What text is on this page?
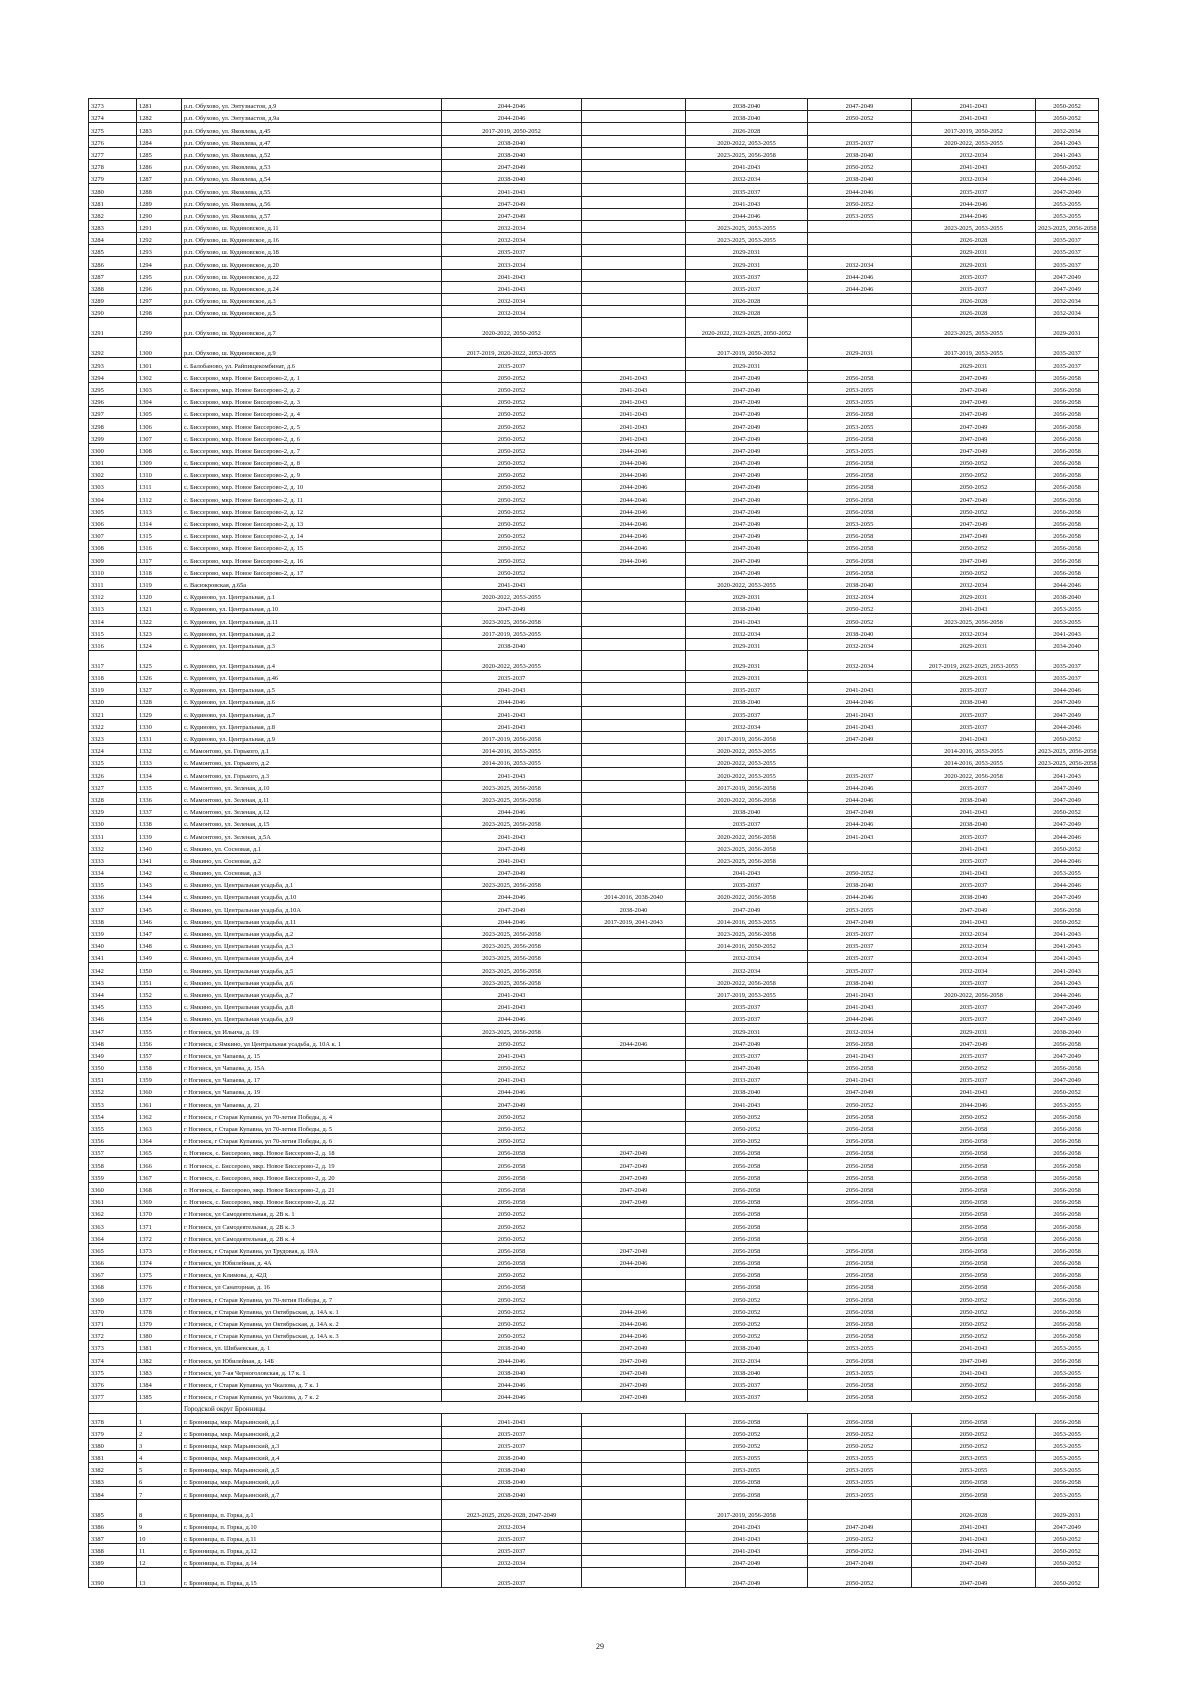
3273	1281	р.п. Обухово, ул. Энтузиастов, д.9	2044-2046		2038-2040	2047-2049	2041-2043	2050-2052
3274	1282	р.п. Обухово, ул. Энтузиастов, д.9а	2044-2046		2038-2040	2050-2052	2041-2043	2050-2052
3275	1283	р.п. Обухово, ул. Яковлева, д.45	2017-2019, 2050-2052		2026-2028		2017-2019, 2050-2052	2032-2034
3276	1284	р.п. Обухово, ул. Яковлева, д.47	2038-2040		2020-2022, 2053-2055	2035-2037	2020-2022, 2053-2055	2041-2043
3277	1285	р.п. Обухово, ул. Яковлева, д.52	2038-2040		2023-2025, 2056-2058	2038-2040	2032-2034	2041-2043
3278	1286	р.п. Обухово, ул. Яковлева, д.53	2047-2049		2041-2043	2050-2052	2041-2043	2050-2052
3279	1287	р.п. Обухово, ул. Яковлева, д.54	2038-2040		2032-2034	2038-2040	2032-2034	2044-2046
3280	1288	р.п. Обухово, ул. Яковлева, д.55	2041-2043		2035-2037	2044-2046	2035-2037	2047-2049
3281	1289	р.п. Обухово, ул. Яковлева, д.56	2047-2049		2041-2043	2050-2052	2044-2046	2053-2055
3282	1290	р.п. Обухово, ул. Яковлева, д.57	2047-2049		2044-2046	2053-2055	2044-2046	2053-2055
3283	1291	р.п. Обухово, ш. Кудиновское, д.11	2032-2034		2023-2025, 2053-2055		2023-2025, 2053-2055	2023-2025, 2056-2058
3284	1292	р.п. Обухово, ш. Кудиновское, д.16	2032-2034		2023-2025, 2053-2055		2026-2028	2035-2037
3285	1293	р.п. Обухово, ш. Кудиновское, д.18	2035-2037		2029-2031		2029-2031	2035-2037
3286	1294	р.п. Обухово, ш. Кудиновское, д.20	2033-2034		2029-2031	2032-2034	2029-2031	2035-2037
3287	1295	р.п. Обухово, ш. Кудиновское, д.22	2041-2043		2035-2037	2044-2046	2035-2037	2047-2049
3288	1296	р.п. Обухово, ш. Кудиновское, д.24	2041-2043		2035-2037	2044-2046	2035-2037	2047-2049
3289	1297	р.п. Обухово, ш. Кудиновское, д.3	2032-2034		2026-2028		2026-2028	2032-2034
3290	1298	р.п. Обухово, ш. Кудиновское, д.5	2032-2034		2029-2028		2026-2028	2032-2034
3291	1299	р.п. Обухово, ш. Кудиновское, д.7	2020-2022, 2050-2052		2020-2022, 2023-2025, 2050-2052		2023-2025, 2053-2055	2029-2031
3292	1300	р.п. Обухово, ш. Кудиновское, д.9	2017-2019, 2020-2022, 2053-2055		2017-2019, 2050-2052	2029-2031	2017-2019, 2053-2055	2035-2037
3293	1301	с. Балобаново, ул. Райпищекомбинат, д.6	2035-2037		2029-2031		2029-2031	2035-2037
3294	1302	с. Биссерово, мкр. Новое Биссерово-2, д. 1	2050-2052	2041-2043	2047-2049	2056-2058	2047-2049	2056-2058
3295	1303	с. Биссерово, мкр. Новое Биссерово-2, д. 2	2050-2052	2041-2043	2047-2049	2053-2055	2047-2049	2056-2058
3296	1304	с. Биссерово, мкр. Новое Биссерово-2, д. 3	2050-2052	2041-2043	2047-2049	2053-2055	2047-2049	2056-2058
3297	1305	с. Биссерово, мкр. Новое Биссерово-2, д. 4	2050-2052	2041-2043	2047-2049	2056-2058	2047-2049	2056-2058
3298	1306	с. Биссерово, мкр. Новое Биссерово-2, д. 5	2050-2052	2041-2043	2047-2049	2053-2055	2047-2049	2056-2058
3299	1307	с. Биссерово, мкр. Новое Биссерово-2, д. 6	2050-2052	2041-2043	2047-2049	2056-2058	2047-2049	2056-2058
3300	1308	с. Биссерово, мкр. Новое Биссерово-2, д. 7	2050-2052	2044-2046	2047-2049	2053-2055	2047-2049	2056-2058
3301	1309	с. Биссерово, мкр. Новое Биссерово-2, д. 8	2050-2052	2044-2046	2047-2049	2056-2058	2050-2052	2056-2058
3302	1310	с. Биссерово, мкр. Новое Биссерово-2, д. 9	2050-2052	2044-2046	2047-2049	2056-2058	2050-2052	2056-2058
3303	1311	с. Биссерово, мкр. Новое Биссерово-2, д. 10	2050-2052	2044-2046	2047-2049	2056-2058	2050-2052	2056-2058
3304	1312	с. Биссерово, мкр. Новое Биссерово-2, д. 11	2050-2052	2044-2046	2047-2049	2056-2058	2047-2049	2056-2058
3305	1313	с. Биссерово, мкр. Новое Биссерово-2, д. 12	2050-2052	2044-2046	2047-2049	2056-2058	2050-2052	2056-2058
3306	1314	с. Биссерово, мкр. Новое Биссерово-2, д. 13	2050-2052	2044-2046	2047-2049	2053-2055	2047-2049	2056-2058
3307	1315	с. Биссерово, мкр. Новое Биссерово-2, д. 14	2050-2052	2044-2046	2047-2049	2056-2058	2047-2049	2056-2058
3308	1316	с. Биссерово, мкр. Новое Биссерово-2, д. 15	2050-2052	2044-2046	2047-2049	2056-2058	2050-2052	2056-2058
3309	1317	с. Биссерово, мкр. Новое Биссерово-2, д. 16	2050-2052	2044-2046	2047-2049	2056-2058	2047-2049	2056-2058
3310	1318	с. Биссерово, мкр. Новое Биссерово-2, д. 17	2050-2052		2047-2049	2056-2058	2050-2052	2056-2058
3311	1319	с. Васюкровская, д.65а	2041-2043		2020-2022, 2053-2055	2038-2040	2032-2034	2044-2046
3312	1320	с. Кудиново, ул. Центральная, д.1	2020-2022, 2053-2055		2029-2031	2032-2034	2029-2031	2038-2040
3313	1321	с. Кудиново, ул. Центральная, д.10	2047-2049		2038-2040	2050-2052	2041-2043	2053-2055
3314	1322	с. Кудиново, ул. Центральная, д.11	2023-2025, 2056-2058		2041-2043	2050-2052	2023-2025, 2056-2058	2053-2055
3315	1323	с. Кудиново, ул. Центральная, д.2	2017-2019, 2053-2055		2032-2034	2038-2040	2032-2034	2041-2043
3316	1324	с. Кудиново, ул. Центральная, д.3	2038-2040		2029-2031	2032-2034	2029-2031	2034-2040
3317	1325	с. Кудиново, ул. Центральная, д.4	2020-2022, 2053-2055		2029-2031	2032-2034	2017-2019, 2023-2025, 2053-2055	2035-2037
3318	1326	с. Кудиново, ул. Центральная, д.46	2035-2037		2029-2031		2029-2031	2035-2037
3319	1327	с. Кудиново, ул. Центральная, д.5	2041-2043		2035-2037	2041-2043	2035-2037	2044-2046
3320	1328	с. Кудиново, ул. Центральная, д.6	2044-2046		2038-2040	2044-2046	2038-2040	2047-2049
3321	1329	с. Кудиново, ул. Центральная, д.7	2041-2043		2035-2037	2041-2043	2035-2037	2047-2049
3322	1330	с. Кудиново, ул. Центральная, д.8	2041-2043		2032-2034	2041-2043	2035-2037	2044-2046
3323	1331	с. Кудиново, ул. Центральная, д.9	2017-2019, 2056-2058		2017-2019, 2056-2058	2047-2049	2041-2043	2050-2052
3324	1332	с. Мамонтово, ул. Горького, д.1	2014-2016, 2053-2055		2020-2022, 2053-2055		2014-2016, 2053-2055	2023-2025, 2056-2058
3325	1333	с. Мамонтово, ул. Горького, д.2	2014-2016, 2053-2055		2020-2022, 2053-2055		2014-2016, 2053-2055	2023-2025, 2056-2058
3326	1334	с. Мамонтово, ул. Горького, д.3	2041-2043		2020-2022, 2053-2055	2035-2037	2020-2022, 2056-2058	2041-2043
3327	1335	с. Мамонтово, ул. Зеленая, д.10	2023-2025, 2056-2058		2017-2019, 2056-2058	2044-2046	2035-2037	2047-2049
3328	1336	с. Мамонтово, ул. Зеленая, д.11	2023-2025, 2056-2058		2020-2022, 2056-2058	2044-2046	2038-2040	2047-2049
3329	1337	с. Мамонтово, ул. Зеленая, д.12	2044-2046		2038-2040	2047-2049	2041-2043	2050-2052
3330	1338	с. Мамонтово, ул. Зеленая, д.15	2023-2025, 2056-2058		2035-2037	2044-2046	2038-2040	2047-2049
3331	1339	с. Мамонтово, ул. Зеленая, д.5А	2041-2043		2020-2022, 2056-2058	2041-2043	2035-2037	2044-2046
3332	1340	с. Ямкино, ул. Сосновая, д.1	2047-2049		2023-2025, 2056-2058		2041-2043	2050-2052
3333	1341	с. Ямкино, ул. Сосновая, д.2	2041-2043		2023-2025, 2056-2058		2035-2037	2044-2046
3334	1342	с. Ямкино, ул. Сосновая, д.3	2047-2049		2041-2043	2050-2052	2041-2043	2053-2055
3335	1343	с. Ямкино, ул. Центральная усадьба, д.1	2023-2025, 2056-2058		2035-2037	2038-2040	2035-2037	2044-2046
3336	1344	с. Ямкино, ул. Центральная усадьба, д.10	2044-2046	2014-2016, 2038-2040	2020-2022, 2056-2058	2044-2046	2038-2040	2047-2049
3337	1345	с. Ямкино, ул. Центральная усадьба, д.10А	2047-2049	2038-2040	2047-2049	2053-2055	2047-2049	2056-2058
3338	1346	с. Ямкино, ул. Центральная усадьба, д.11	2044-2046	2017-2019, 2041-2043	2014-2016, 2053-2055	2047-2049	2041-2043	2050-2052
3339	1347	с. Ямкино, ул. Центральная усадьба, д.2	2023-2025, 2056-2058		2023-2025, 2056-2058	2035-2037	2032-2034	2041-2043
3340	1348	с. Ямкино, ул. Центральная усадьба, д.3	2023-2025, 2056-2058		2014-2016, 2050-2052	2035-2037	2032-2034	2041-2043
3341	1349	с. Ямкино, ул. Центральная усадьба, д.4	2023-2025, 2056-2058		2032-2034	2035-2037	2032-2034	2041-2043
3342	1350	с. Ямкино, ул. Центральная усадьба, д.5	2023-2025, 2056-2058		2032-2034	2035-2037	2032-2034	2041-2043
3343	1351	с. Ямкино, ул. Центральная усадьба, д.6	2023-2025, 2056-2058		2020-2022, 2056-2058	2038-2040	2035-2037	2041-2043
3344	1352	с. Ямкино, ул. Центральная усадьба, д.7	2041-2043		2017-2019, 2053-2055	2041-2043	2020-2022, 2056-2058	2044-2046
3345	1353	с. Ямкино, ул. Центральная усадьба, д.8	2041-2043		2035-2037	2041-2043	2035-2037	2047-2049
3346	1354	с. Ямкино, ул. Центральная усадьба, д.9	2044-2046		2035-2037	2044-2046	2035-2037	2047-2049
3347	1355	г Ногинск, ул Ильича, д. 19	2023-2025, 2056-2058		2029-2031	2032-2034	2029-2031	2038-2040
3348	1356	г Ногинск, с Ямкино, ул Центральная усадьба, д. 10А к. 1	2050-2052	2044-2046	2047-2049	2056-2058	2047-2049	2056-2058
3349	1357	г Ногинск, ул Чапаева, д. 15	2041-2043		2035-2037	2041-2043	2035-2037	2047-2049
3350	1358	г Ногинск, ул Чапаева, д. 15А	2050-2052		2047-2049	2056-2058	2050-2052	2056-2058
3351	1359	г Ногинск, ул Чапаева, д. 17	2041-2043		2033-2037	2041-2043	2035-2037	2047-2049
3352	1360	г Ногинск, ул Чапаева, д. 19	2044-2046		2038-2040	2047-2049	2041-2043	2050-2052
3353	1361	г Ногинск, ул Чапаева, д. 21	2047-2049		2041-2043	2050-2052	2044-2046	2053-2055
3354	1362	г Ногинск, г Старая Купавна, ул 70-летия Победы, д. 4	2050-2052		2050-2052	2056-2058	2050-2052	2056-2058
3355	1363	г Ногинск, г Старая Купавна, ул 70-летия Победы, д. 5	2050-2052		2050-2052	2056-2058	2056-2058	2056-2058
3356	1364	г Ногинск, г Старая Купавна, ул 70-летия Победы, д. 6	2050-2052		2050-2052	2056-2058	2056-2058	2056-2058
3357	1365	г. Ногинск, с. Биссерово, мкр. Новое Биссерово-2, д. 18	2056-2058	2047-2049	2056-2058	2056-2058	2056-2058	2056-2058
3358	1366	г. Ногинск, с. Биссерово, мкр. Новое Биссерово-2, д. 19	2056-2058	2047-2049	2056-2058	2056-2058	2056-2058	2056-2058
3359	1367	г. Ногинск, с. Биссерово, мкр. Новое Биссерово-2, д. 20	2056-2058	2047-2049	2056-2058	2056-2058	2056-2058	2056-2058
3360	1368	г. Ногинск, с. Биссерово, мкр. Новое Биссерово-2, д. 21	2056-2058	2047-2049	2056-2058	2056-2058	2056-2058	2056-2058
3361	1369	г. Ногинск, с. Биссерово, мкр. Новое Биссерово-2, д. 22	2056-2058	2047-2049	2056-2058	2056-2058	2056-2058	2056-2058
3362	1370	г Ногинск, ул Самодеятельная, д. 2В к. 1	2050-2052		2056-2058		2056-2058	2056-2058
3363	1371	г Ногинск, ул Самодеятельная, д. 2В к. 3	2050-2052		2056-2058		2056-2058	2056-2058
3364	1372	г Ногинск, ул Самодеятельная, д. 2В к. 4	2050-2052		2056-2058		2056-2058	2056-2058
3365	1373	г Ногинск, г Старая Купавна, ул Трудовая, д. 19А	2056-2058	2047-2049	2056-2058	2056-2058	2056-2058	2056-2058
3366	1374	г Ногинск, ул Юбилейная, д. 4А	2056-2058	2044-2046	2056-2058	2056-2058	2056-2058	2056-2058
3367	1375	г Ногинск, ул Климова, д. 42Д	2050-2052		2056-2058	2056-2058	2056-2058	2056-2058
3368	1376	г Ногинск, ул Санаторная, д. 16	2056-2058		2056-2058	2056-2058	2056-2058	2056-2058
3369	1377	г Ногинск, г Старая Купавна, ул 70-летия Победы, д. 7	2050-2052		2050-2052	2056-2058	2050-2052	2056-2058
3370	1378	г Ногинск, г Старая Купавна, ул Октябрьская, д. 14А к. 1	2050-2052	2044-2046	2050-2052	2056-2058	2050-2052	2056-2058
3371	1379	г Ногинск, г Старая Купавна, ул Октябрьская, д. 14А к. 2	2050-2052	2044-2046	2050-2052	2056-2058	2050-2052	2056-2058
3372	1380	г Ногинск, г Старая Купавна, ул Октябрьская, д. 14А к. 3	2050-2052	2044-2046	2050-2052	2056-2058	2050-2052	2056-2058
3373	1381	г Ногинск, ул. Шибаевская, д. 1	2038-2040	2047-2049	2038-2040	2053-2055	2041-2043	2053-2055
3374	1382	г Ногинск, ул Юбилейная, д. 14Б	2044-2046	2047-2049	2032-2034	2056-2058	2047-2049	2056-2058
3375	1383	г Ногинск, ул 7-ая Черноголовская, д. 17 к. 1	2038-2040	2047-2049	2038-2040	2053-2055	2041-2043	2053-2055
3376	1384	г Ногинск, г Старая Купавна, ул Чкалова, д. 7 к. 1	2044-2046	2047-2049	2035-2037	2056-2058	2050-2052	2056-2058
3377	1385	г Ногинск, г Старая Купавна, ул Чкалова, д. 7 к. 2	2044-2046	2047-2049	2035-2037	2056-2058	2050-2052	2056-2058
		Городской округ Бронницы						
3378	1	г. Бронницы, мкр. Марьинский, д.1	2041-2043		2056-2058	2056-2058	2056-2058	2056-2058
3379	2	г. Бронницы, мкр. Марьинский, д.2	2035-2037		2050-2052	2050-2052	2050-2052	2053-2055
3380	3	г. Бронницы, мкр. Марьинский, д.3	2035-2037		2050-2052	2050-2052	2050-2052	2053-2055
3381	4	г. Бронницы, мкр. Марьинский, д.4	2038-2040		2053-2055	2053-2055	2053-2055	2053-2055
3382	5	г. Бронницы, мкр. Марьинский, д.5	2038-2040		2053-2055	2053-2055	2053-2055	2053-2055
3383	6	г. Бронницы, мкр. Марьинский, д.6	2038-2040		2056-2058	2053-2055	2056-2058	2056-2058
3384	7	г. Бронницы, мкр. Марьинский, д.7	2038-2040		2056-2058	2053-2055	2056-2058	2053-2055
3385	8	г. Бронницы, п. Горка, д.1	2023-2025, 2026-2028, 2047-2049		2017-2019, 2056-2058		2026-2028	2029-2031
3386	9	г. Бронницы, п. Горка, д.10	2032-2034		2041-2043	2047-2049	2041-2043	2047-2049
3387	10	г. Бронницы, п. Горка, д.11	2035-2037		2041-2043	2050-2052	2041-2043	2050-2052
3388	11	г. Бронницы, п. Горка, д.12	2035-2037		2041-2043	2050-2052	2041-2043	2050-2052
3389	12	г. Бронницы, п. Горка, д.14	2032-2034		2047-2049	2047-2049	2047-2049	2050-2052
3390	13	г. Бронницы, п. Горка, д.15	2035-2037		2047-2049	2050-2052	2047-2049	2050-2052
29
